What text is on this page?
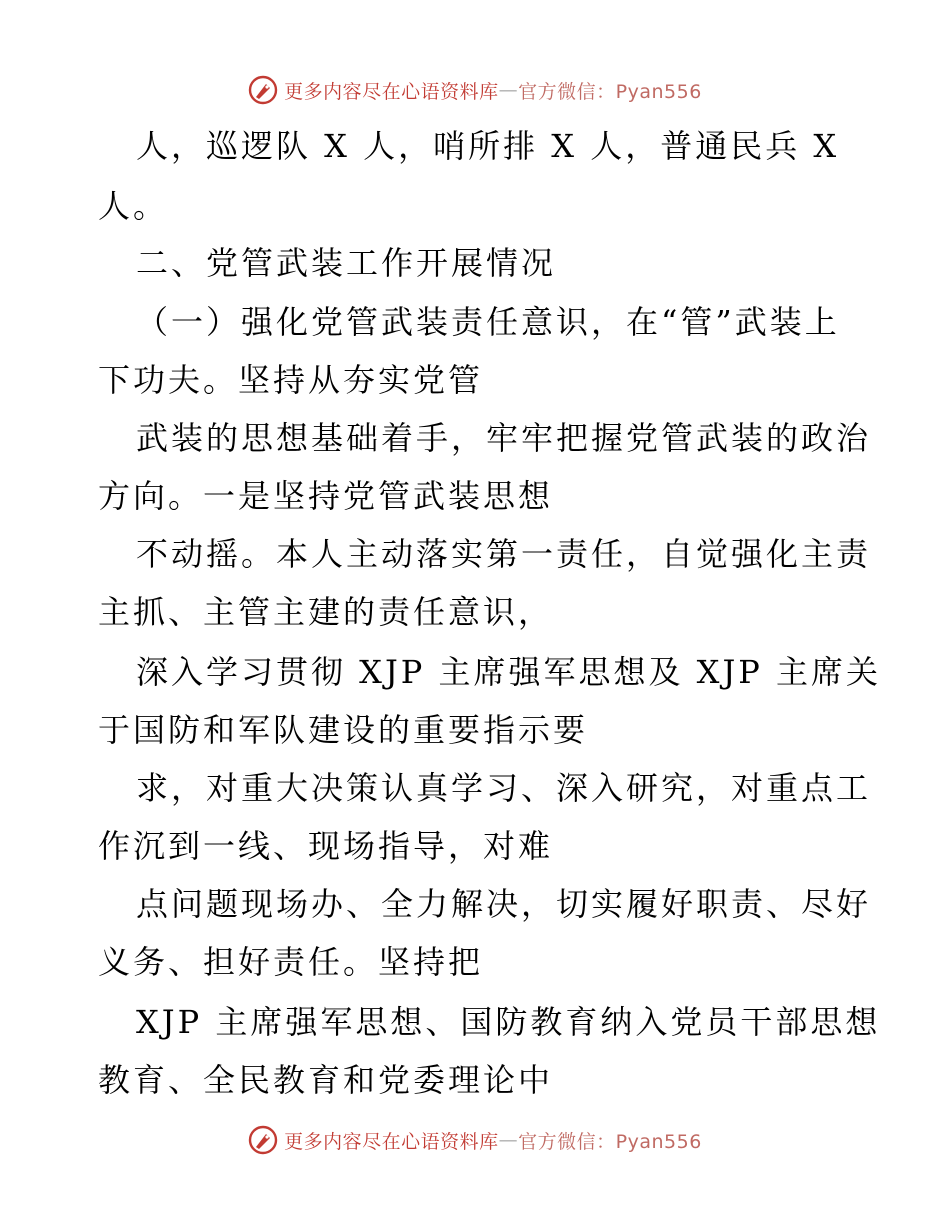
更多内容尽在心语资料库 — 官方微信：Pyan556
人，巡逻队 X 人，哨所排 X 人，普通民兵 X
人。
二、党管武装工作开展情况
（一）强化党管武装责任意识，在“管”武装上
下功夫。坚持从夯实党管
武装的思想基础着手，牢牢把握党管武装的政治
方向。一是坚持党管武装思想
不动摇。本人主动落实第一责任，自觉强化主责
主抓、主管主建的责任意识，
深入学习贯彻 XJP 主席强军思想及 XJP 主席关
于国防和军队建设的重要指示要
求，对重大决策认真学习、深入研究，对重点工
作沉到一线、现场指导，对难
点问题现场办、全力解决，切实履好职责、尽好
义务、担好责任。坚持把
XJP 主席强军思想、国防教育纳入党员干部思想
教育、全民教育和党委理论中
更多内容尽在心语资料库 — 官方微信：Pyan556
